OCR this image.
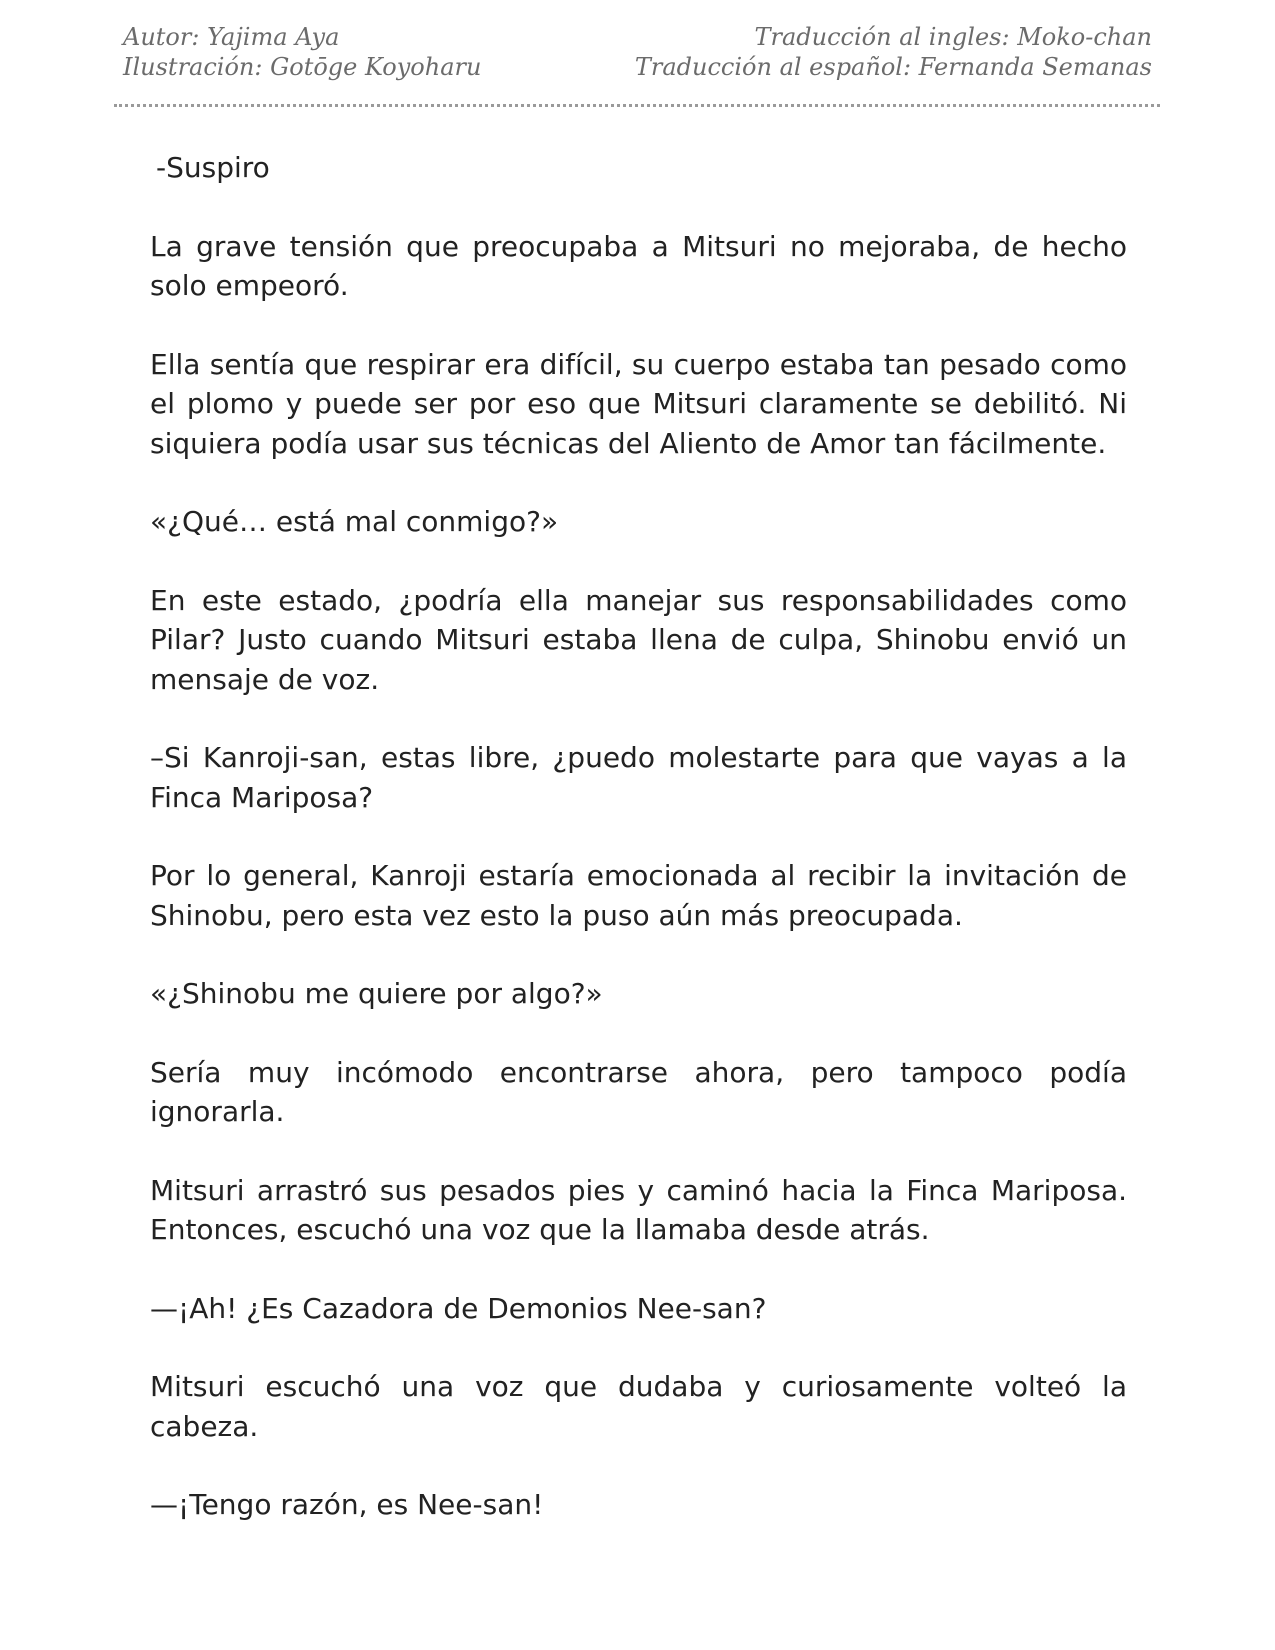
Autor: Yajima Aya
Ilustración: Gotōge Koyoharu
Traducción al ingles: Moko-chan
Traducción al español: Fernanda Semanas

-Suspiro

La grave tensión que preocupaba a Mitsuri no mejoraba, de hecho solo empeoró.

Ella sentía que respirar era difícil, su cuerpo estaba tan pesado como el plomo y puede ser por eso que Mitsuri claramente se debilitó. Ni siquiera podía usar sus técnicas del Aliento de Amor tan fácilmente.

«¿Qué… está mal conmigo?»

En este estado, ¿podría ella manejar sus responsabilidades como Pilar? Justo cuando Mitsuri estaba llena de culpa, Shinobu envió un mensaje de voz.

–Si Kanroji-san, estas libre, ¿puedo molestarte para que vayas a la Finca Mariposa?

Por lo general, Kanroji estaría emocionada al recibir la invitación de Shinobu, pero esta vez esto la puso aún más preocupada.

«¿Shinobu me quiere por algo?»

Sería muy incómodo encontrarse ahora, pero tampoco podía ignorarla.

Mitsuri arrastró sus pesados pies y caminó hacia la Finca Mariposa. Entonces, escuchó una voz que la llamaba desde atrás.

—¡Ah! ¿Es Cazadora de Demonios Nee-san?

Mitsuri escuchó una voz que dudaba y curiosamente volteó la cabeza.

—¡Tengo razón, es Nee-san!
